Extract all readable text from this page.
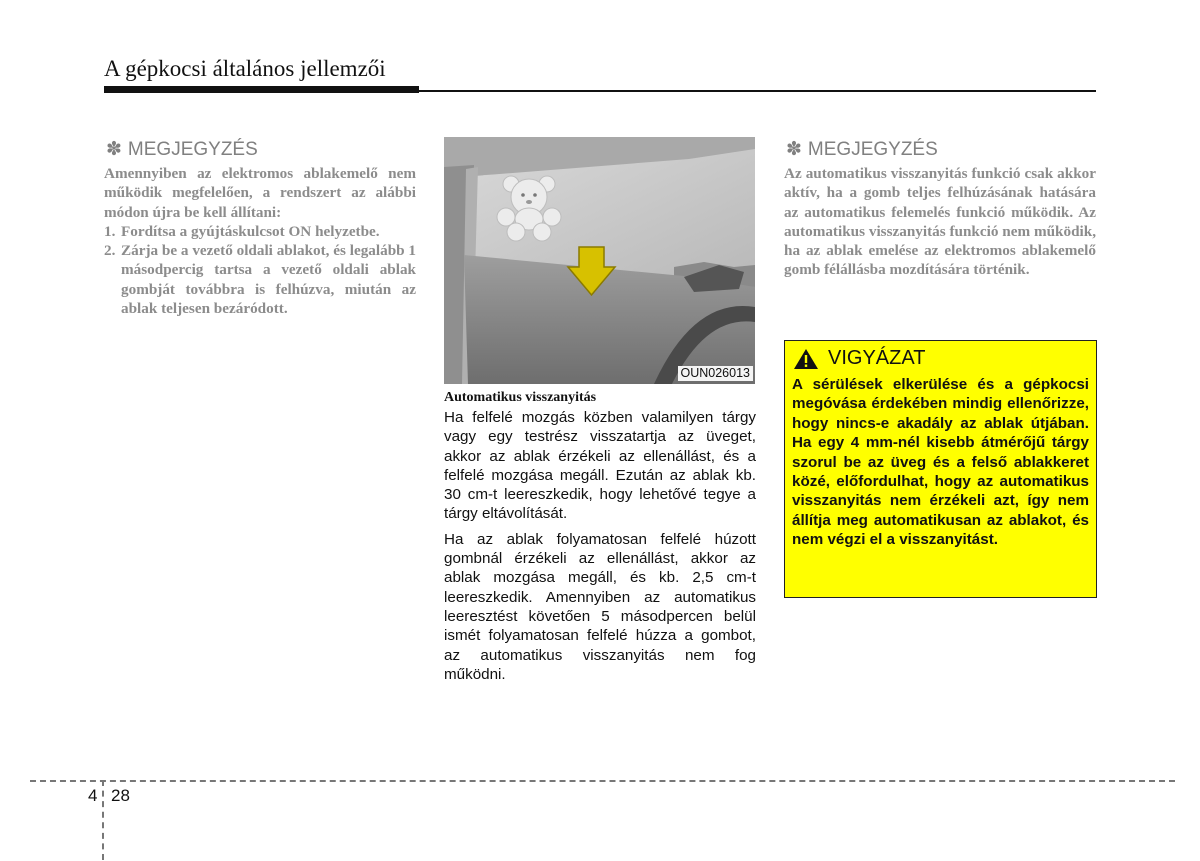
A gépkocsi általános jellemzői
✽ MEGJEGYZÉS

Amennyiben az elektromos ablakemelő nem működik megfelelően, a rendszert az alábbi módon újra be kell állítani:

1. Fordítsa a gyújtáskulcsot ON helyzetbe.
2. Zárja be a vezető oldali ablakot, és legalább 1 másodpercig tartsa a vezető oldali ablak gombját továbbra is felhúzva, miután az ablak teljesen bezáródott.
OUN026013
Automatikus visszanyitás

Ha felfelé mozgás közben valamilyen tárgy vagy egy testrész visszatartja az üveget, akkor az ablak érzékeli az ellenállást, és a felfelé mozgása megáll. Ezután az ablak kb. 30 cm-t leereszkedik, hogy lehetővé tegye a tárgy eltávolítását.

Ha az ablak folyamatosan felfelé húzott gombnál érzékeli az ellenállást, akkor az ablak mozgása megáll, és kb. 2,5 cm-t leereszkedik. Amennyiben az automatikus leeresztést követően 5 másodpercen belül ismét folyamatosan felfelé húzza a gombot, az automatikus visszanyitás nem fog működni.

✽ MEGJEGYZÉS

Az automatikus visszanyitás funkció csak akkor aktív, ha a gomb teljes felhúzásának hatására az automatikus felemelés funkció működik. Az automatikus visszanyitás funkció nem működik, ha az ablak emelése az elektromos ablakemelő gomb félállásba mozdítására történik.

VIGYÁZAT
A sérülések elkerülése és a gépkocsi megóvása érdekében mindig ellenőrizze, hogy nincs-e akadály az ablak útjában. Ha egy 4 mm-nél kisebb átmérőjű tárgy szorul be az üveg és a felső ablakkeret közé, előfordulhat, hogy az automatikus visszanyitás nem érzékeli azt, így nem állítja meg automatikusan az ablakot, és nem végzi el a visszanyitást.
4 28
